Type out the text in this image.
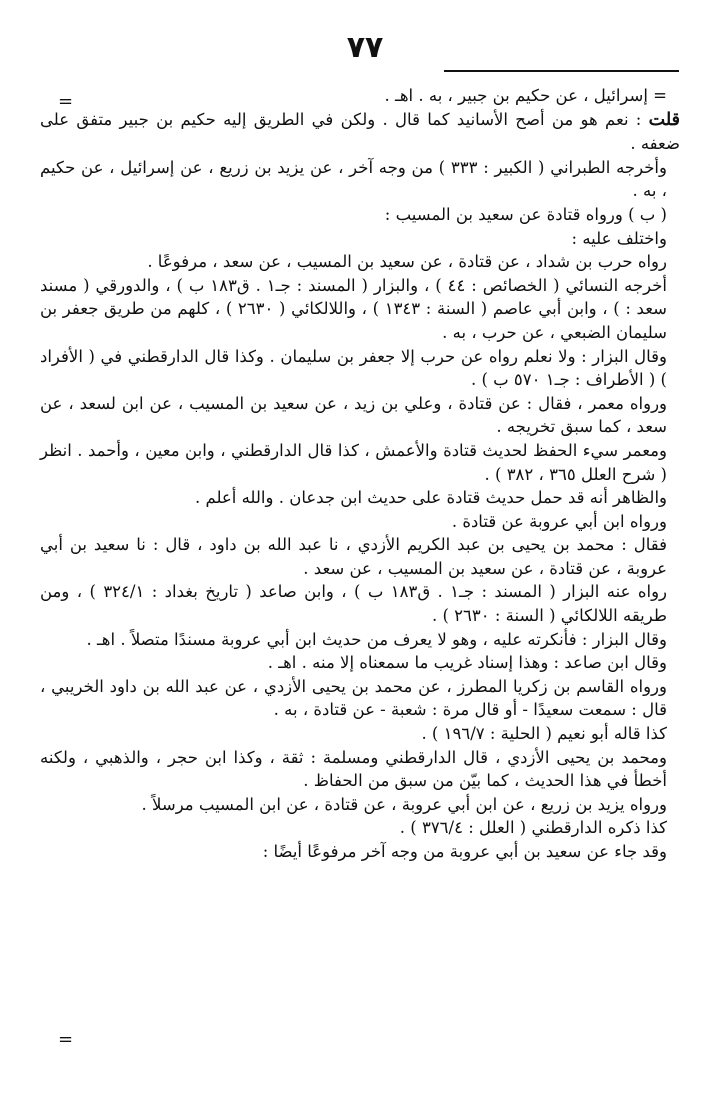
٧٧
=
=

= إسرائيل ، عن حكيم بن جبير ، به . اهـ .

قلت : نعم هو من أصح الأسانيد كما قال . ولكن في الطريق إليه حكيم بن جبير متفق على ضعفه .

وأخرجه الطبراني ( الكبير : ٣٣٣ ) من وجه آخر ، عن يزيد بن زريع ، عن إسرائيل ، عن حكيم ، به .

( ب ) ورواه قتادة عن سعيد بن المسيب :

واختلف عليه :

رواه حرب بن شداد ، عن قتادة ، عن سعيد بن المسيب ، عن سعد ، مرفوعًا .

أخرجه النسائي ( الخصائص : ٤٤ ) ، والبزار ( المسند : جـ١ . ق١٨٣ ب ) ، والدورقي ( مسند سعد : ) ، وابن أبي عاصم ( السنة : ١٣٤٣ ) ، واللالكائي ( ٢٦٣٠ ) ، كلهم من طريق جعفر بن سليمان الضبعي ، عن حرب ، به .

وقال البزار : ولا نعلم رواه عن حرب إلا جعفر بن سليمان . وكذا قال الدارقطني في ( الأفراد ) ( الأطراف : جـ١ ٥٧٠ ب ) .

ورواه معمر ، فقال : عن قتادة ، وعلي بن زيد ، عن سعيد بن المسيب ، عن ابن لسعد ، عن سعد ، كما سبق تخريجه .

ومعمر سيء الحفظ لحديث قتادة والأعمش ، كذا قال الدارقطني ، وابن معين ، وأحمد . انظر ( شرح العلل ٣٦٥ ، ٣٨٢ ) .

والظاهر أنه قد حمل حديث قتادة على حديث ابن جدعان . والله أعلم .

ورواه ابن أبي عروبة عن قتادة .

فقال : محمد بن يحيى بن عبد الكريم الأزدي ، نا عبد الله بن داود ، قال : نا سعيد بن أبي عروبة ، عن قتادة ، عن سعيد بن المسيب ، عن سعد .

رواه عنه البزار ( المسند : جـ١ . ق١٨٣ ب ) ، وابن صاعد ( تاريخ بغداد : ٣٢٤/١ ) ، ومن طريقه اللالكائي ( السنة : ٢٦٣٠ ) .

وقال البزار : فأنكرته عليه ، وهو لا يعرف من حديث ابن أبي عروبة مسندًا متصلاً . اهـ .

وقال ابن صاعد : وهذا إسناد غريب ما سمعناه إلا منه . اهـ .

ورواه القاسم بن زكريا المطرز ، عن محمد بن يحيى الأزدي ، عن عبد الله بن داود الخريبي ، قال : سمعت سعيدًا - أو قال مرة : شعبة - عن قتادة ، به .

كذا قاله أبو نعيم ( الحلية : ١٩٦/٧ ) .

ومحمد بن يحيى الأزدي ، قال الدارقطني ومسلمة : ثقة ، وكذا ابن حجر ، والذهبي ، ولكنه أخطأ في هذا الحديث ، كما بيّن من سبق من الحفاظ .

ورواه يزيد بن زريع ، عن ابن أبي عروبة ، عن قتادة ، عن ابن المسيب مرسلاً .

كذا ذكره الدارقطني ( العلل : ٣٧٦/٤ ) .

وقد جاء عن سعيد بن أبي عروبة من وجه آخر مرفوعًا أيضًا :
